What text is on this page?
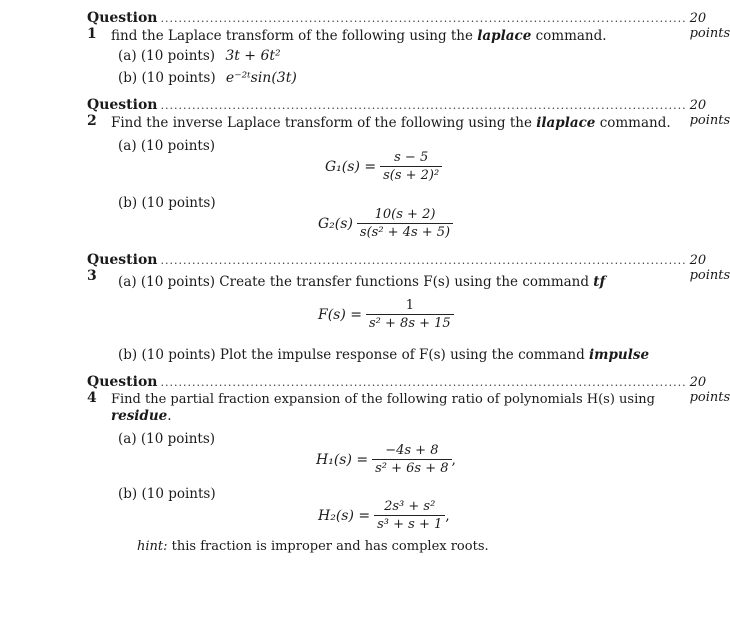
Question 1
..................................................................................................................... 20 points
find the Laplace transform of the following using the laplace command.
(a) (10 points) 3t + 6t²
(b) (10 points) e⁻²ᵗsin(3t)
Question 2
..................................................................................................................... 20 points
Find the inverse Laplace transform of the following using the ilaplace command.
(a) (10 points)
$G_1(s) = \frac{s - 5}{\text{s(s + 2)²}}$
(b) (10 points)
$G_2(s) \frac{10(s + 2)}{\text{s(s² + 4s + 5)}}$
Question 3
..................................................................................................................... 20 points
(a) (10 points) Create the transfer functions F(s) using the command tf
$F(s) = \frac{1}{\text{s² + 8s + 15}}$
(b) (10 points) Plot the impulse response of F(s) using the command impulse
Question 4
..................................................................................................................... 20 points
Find the partial fraction expansion of the following ratio of polynomials H(s) using
residue.
(a) (10 points)
$H_1(s) = \frac{-4s + 8}{\text{s² + 6s + 8}}$ ,
(b) (10 points)
$H_2(s) = \frac{\text{2s³ + s²}}{\text{s³ + s + 1}}$ ,
hint: this fraction is improper and has complex roots.
